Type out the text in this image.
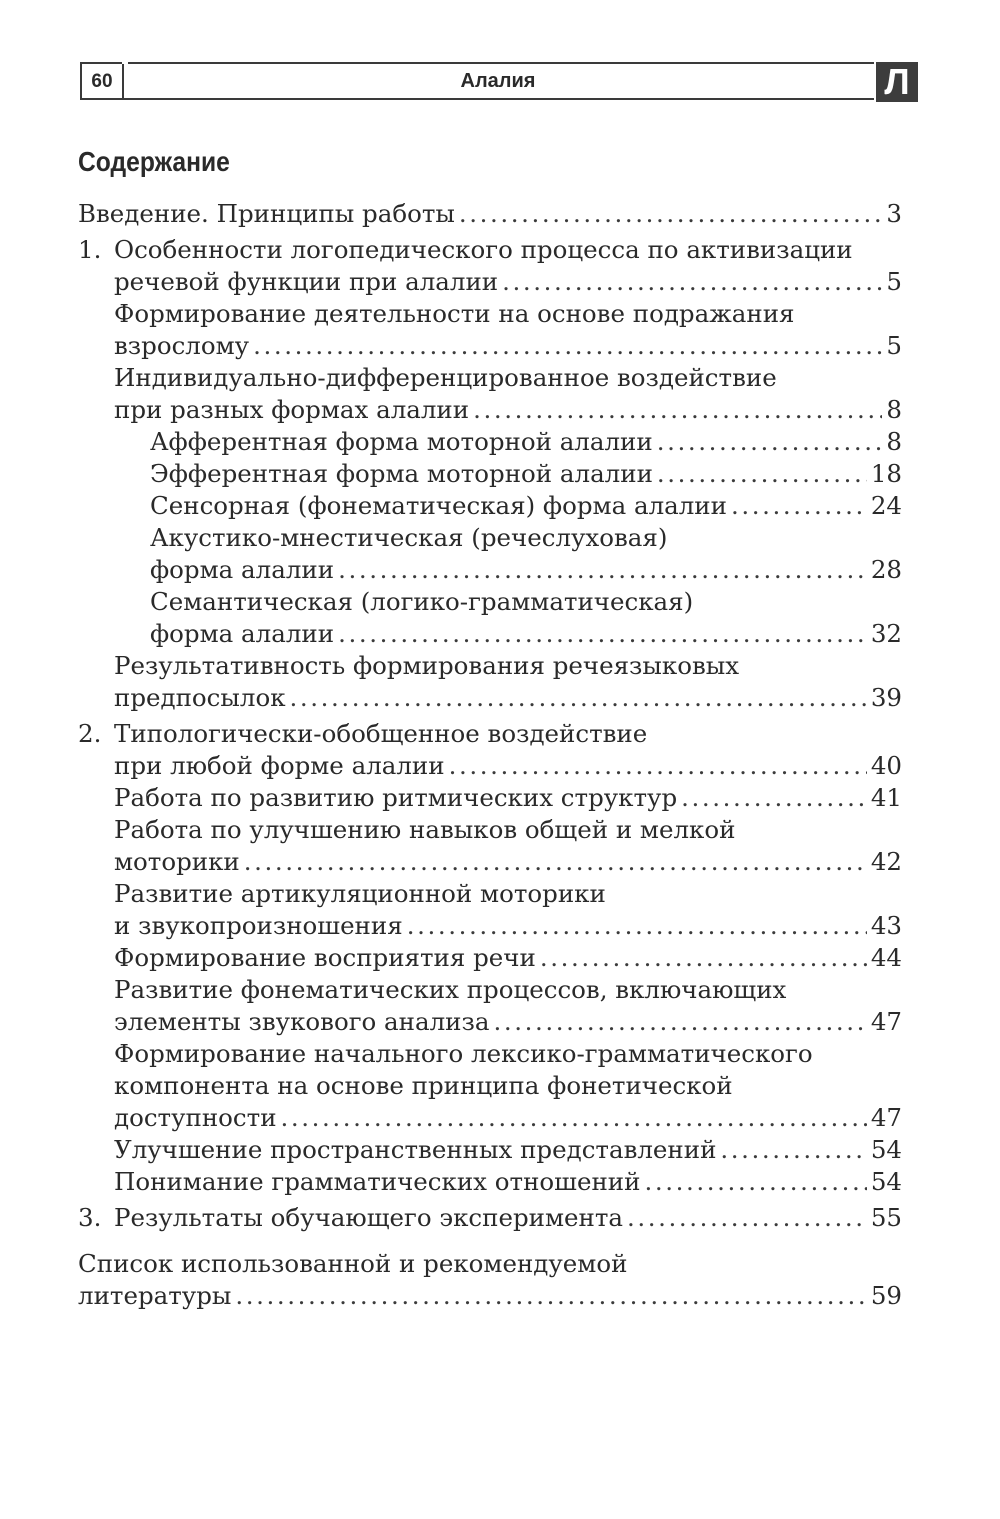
60	Алалия	Л
Содержание
Введение. Принципы работы . . .	3
1. Особенности логопедического процесса по активизации
речевой функции при алалии . . .	5
Формирование деятельности на основе подражания
взрослому . . .	5
Индивидуально-дифференцированное воздействие
при разных формах алалии . . .	8
Афферентная форма моторной алалии . . .	8
Эфферентная форма моторной алалии . . .	18
Сенсорная (фонематическая) форма алалии . . .	24
Акустико-мнестическая (речеслуховая)
форма алалии . . .	28
Семантическая (логико-грамматическая)
форма алалии . . .	32
Результативность формирования речеязыковых
предпосылок . . .	39
2. Типологически-обобщенное воздействие
при любой форме алалии . . .	40
Работа по развитию ритмических структур . . .	41
Работа по улучшению навыков общей и мелкой
моторики . . .	42
Развитие артикуляционной моторики
и звукопроизношения . . .	43
Формирование восприятия речи . . .	44
Развитие фонематических процессов, включающих
элементы звукового анализа . . .	47
Формирование начального лексико-грамматического
компонента на основе принципа фонетической
доступности . . .	47
Улучшение пространственных представлений . . .	54
Понимание грамматических отношений . . .	54
3. Результаты обучающего эксперимента . . .	55
Список использованной и рекомендуемой
литературы . . .	59
